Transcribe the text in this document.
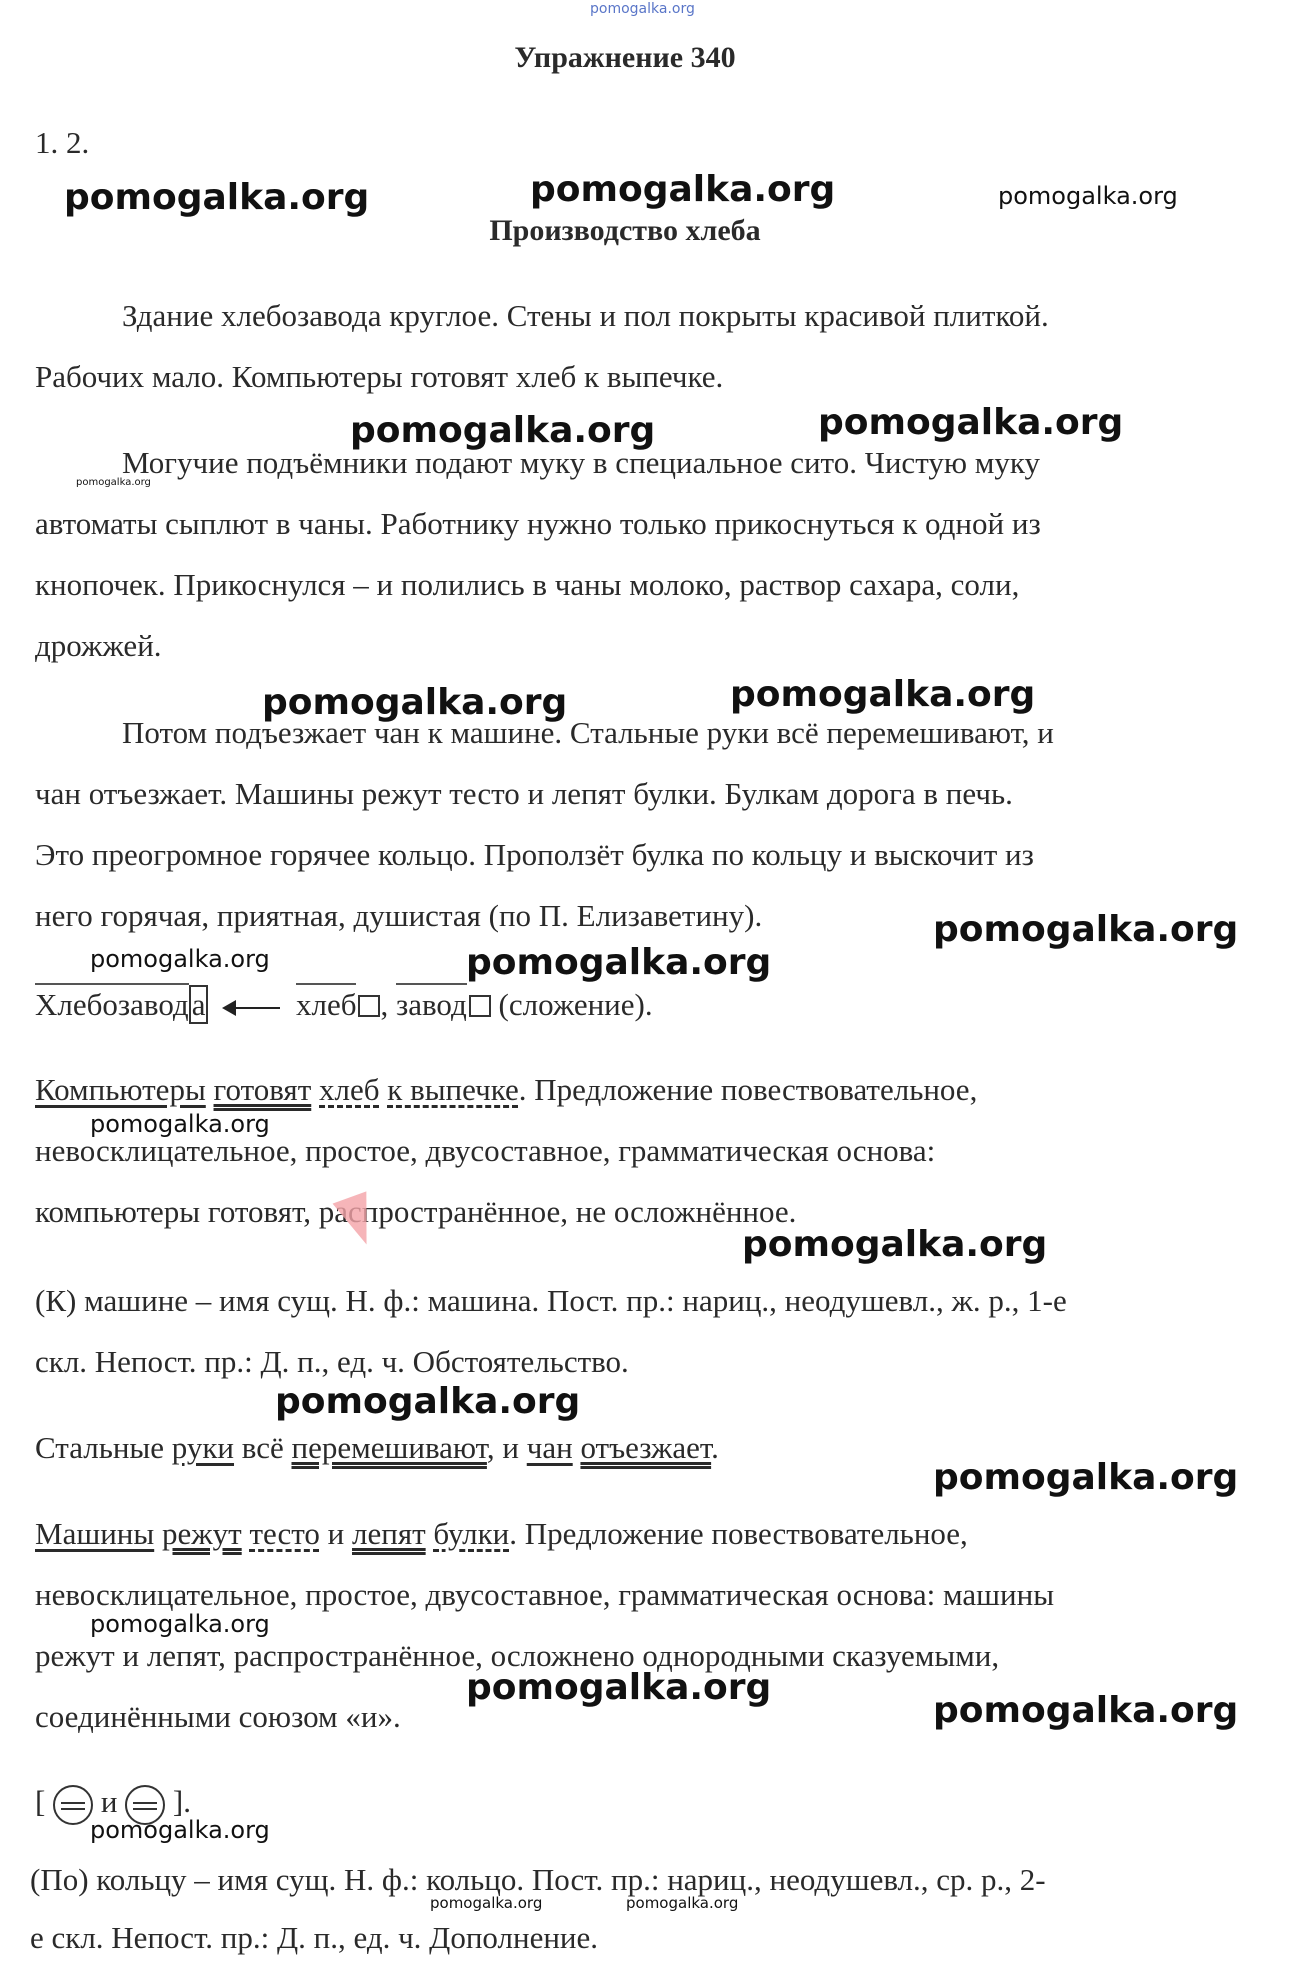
pomogalka.org
Упражнение 340
1. 2.
pomogalka.org	pomogalka.org	pomogalka.org
Производство хлеба
Здание хлебозавода круглое. Стены и пол покрыты красивой плиткой.
Рабочих мало. Компьютеры готовят хлеб к выпечке.
pomogalka.org	pomogalka.org
pomogalka.org
Могучие подъёмники подают муку в специальное сито. Чистую муку
автоматы сыплют в чаны. Работнику нужно только прикоснуться к одной из
кнопочек. Прикоснулся – и полились в чаны молоко, раствор сахара, соли,
дрожжей.
pomogalka.org	pomogalka.org
Потом подъезжает чан к машине. Стальные руки всё перемешивают, и
чан отъезжает. Машины режут тесто и лепят булки. Булкам дорога в печь.
Это преогромное горячее кольцо. Проползёт булка по кольцу и выскочит из
него горячая, приятная, душистая (по П. Елизаветину).	pomogalka.org
pomogalka.org	pomogalka.org
Хлебозавода	хлеб , завод (сложение).
Компьютеры готовят хлеб к выпечке. Предложение повествовательное,
pomogalka.org
невосклицательное, простое, двусоставное, грамматическая основа:
компьютеры готовят, распространённое, не осложнённое.
pomogalka.org
(К) машине – имя сущ. Н. ф.: машина. Пост. пр.: нариц., неодушевл., ж. р., 1-е
скл. Непост. пр.: Д. п., ед. ч. Обстоятельство.
pomogalka.org
Стальные руки всё перемешивают, и чан отъезжает.
pomogalka.org
Машины режут тесто и лепят булки. Предложение повествовательное,
невосклицательное, простое, двусоставное, грамматическая основа: машины
pomogalka.org
режут и лепят, распространённое, осложнено однородными сказуемыми,
pomogalka.org
pomogalka.org
соединёнными союзом «и».
[ и ].
pomogalka.org
(По) кольцу – имя сущ. Н. ф.: кольцо. Пост. пр.: нариц., неодушевл., ср. р., 2-
pomogalka.org	pomogalka.org
е скл. Непост. пр.: Д. п., ед. ч. Дополнение.
